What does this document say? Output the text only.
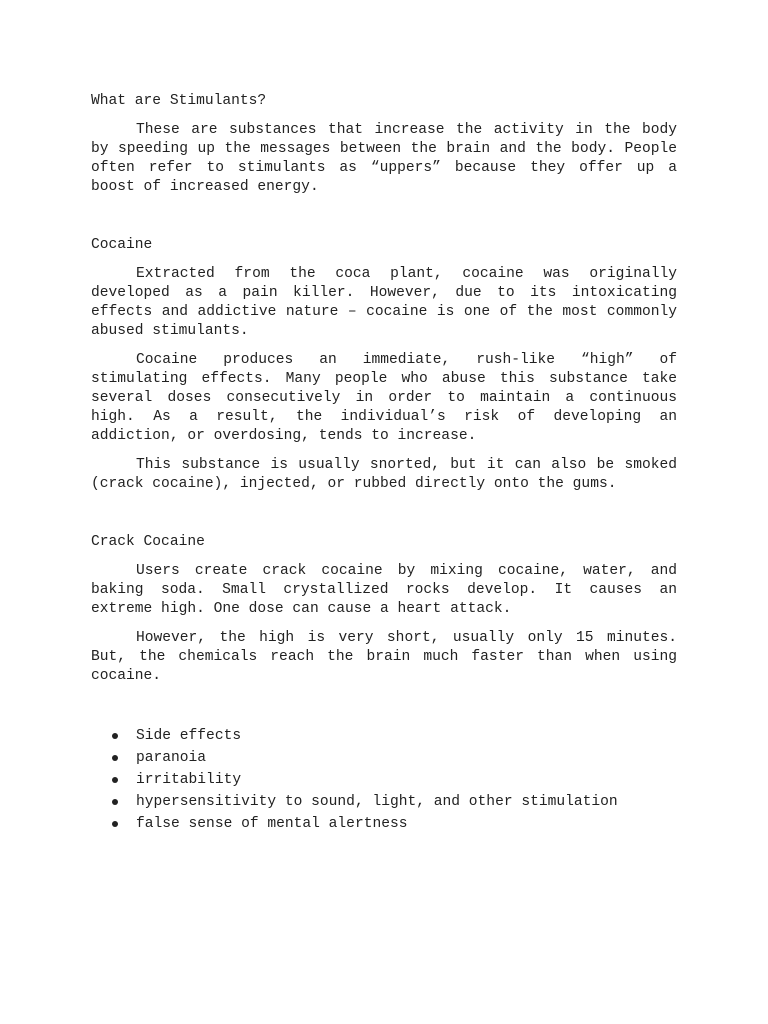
What are Stimulants?

These are substances that increase the activity in the body by speeding up the messages between the brain and the body. People often refer to stimulants as “uppers” because they offer up a boost of increased energy.

Cocaine

Extracted from the coca plant, cocaine was originally developed as a pain killer. However, due to its intoxicating effects and addictive nature – cocaine is one of the most commonly abused stimulants.

Cocaine produces an immediate, rush-like “high” of stimulating effects. Many people who abuse this substance take several doses consecutively in order to maintain a continuous high. As a result, the individual’s risk of developing an addiction, or overdosing, tends to increase.

This substance is usually snorted, but it can also be smoked (crack cocaine), injected, or rubbed directly onto the gums.

Crack Cocaine

Users create crack cocaine by mixing cocaine, water, and baking soda. Small crystallized rocks develop. It causes an extreme high. One dose can cause a heart attack.

However, the high is very short, usually only 15 minutes. But, the chemicals reach the brain much faster than when using cocaine.

Side effects
paranoia
irritability
hypersensitivity to sound, light, and other stimulation
false sense of mental alertness
